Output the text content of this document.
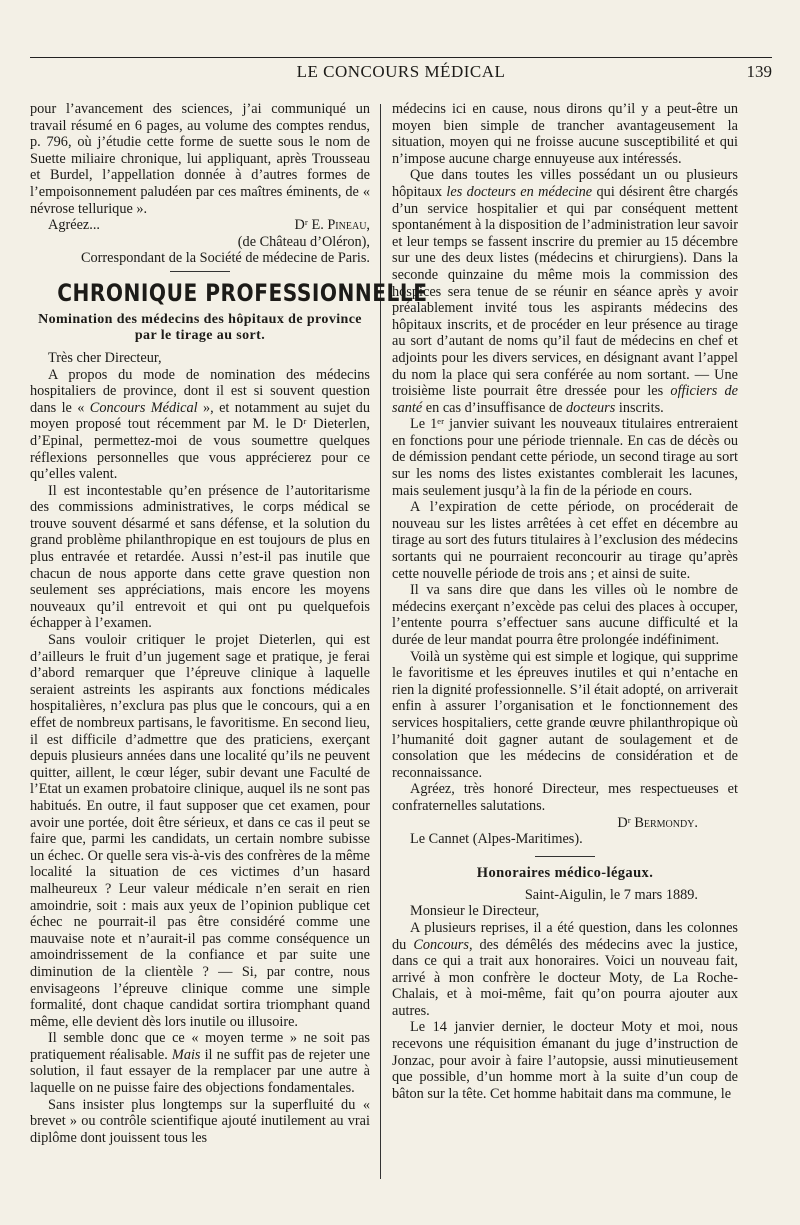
LE CONCOURS MÉDICAL	139

pour l’avancement des sciences, j’ai communiqué un travail résumé en 6 pages, au volume des comptes rendus, p. 796, où j’étudie cette forme de suette sous le nom de Suette miliaire chronique, lui appliquant, après Trousseau et Burdel, l’appellation donnée à d’autres formes de l’empoisonnement paludéen par ces maîtres éminents, de « névrose tellurique ».

Agréez...	Dʳ E. Pineau,
(de Château d’Oléron),
Correspondant de la Société de médecine de Paris.
CHRONIQUE PROFESSIONNELLE
Nomination des médecins des hôpitaux de province par le tirage au sort.

Très cher Directeur,

A propos du mode de nomination des médecins hospitaliers de province, dont il est si souvent question dans le « Concours Médical », et notamment au sujet du moyen proposé tout récemment par M. le Dʳ Dieterlen, d’Epinal, permettez-moi de vous soumettre quelques réflexions personnelles que vous apprécierez pour ce qu’elles valent.

Il est incontestable qu’en présence de l’autoritarisme des commissions administratives, le corps médical se trouve souvent désarmé et sans défense, et la solution du grand problème philanthropique en est toujours de plus en plus entravée et retardée. Aussi n’est-il pas inutile que chacun de nous apporte dans cette grave question non seulement ses appréciations, mais encore les moyens nouveaux qu’il entrevoit et qui ont pu quelquefois échapper à l’examen.

Sans vouloir critiquer le projet Dieterlen, qui est d’ailleurs le fruit d’un jugement sage et pratique, je ferai d’abord remarquer que l’épreuve clinique à laquelle seraient astreints les aspirants aux fonctions médicales hospitalières, n’exclura pas plus que le concours, qui a en effet de nombreux partisans, le favoritisme. En second lieu, il est difficile d’admettre que des praticiens, exerçant depuis plusieurs années dans une localité qu’ils ne peuvent quitter, aillent, le cœur léger, subir devant une Faculté de l’Etat un examen probatoire clinique, auquel ils ne sont pas habitués. En outre, il faut supposer que cet examen, pour avoir une portée, doit être sérieux, et dans ce cas il peut se faire que, parmi les candidats, un certain nombre subisse un échec. Or quelle sera vis-à-vis des confrères de la même localité la situation de ces victimes d’un hasard malheureux ? Leur valeur médicale n’en serait en rien amoindrie, soit : mais aux yeux de l’opinion publique cet échec ne pourrait-il pas être considéré comme une mauvaise note et n’aurait-il pas comme conséquence un amoindrissement de la confiance et par suite une diminution de la clientèle ? — Si, par contre, nous envisageons l’épreuve clinique comme une simple formalité, dont chaque candidat sortira triomphant quand même, elle devient dès lors inutile ou illusoire.

Il semble donc que ce « moyen terme » ne soit pas pratiquement réalisable. Mais il ne suffit pas de rejeter une solution, il faut essayer de la remplacer par une autre à laquelle on ne puisse faire des objections fondamentales.

Sans insister plus longtemps sur la superfluité du « brevet » ou contrôle scientifique ajouté inutilement au vrai diplôme dont jouissent tous les

médecins ici en cause, nous dirons qu’il y a peut-être un moyen bien simple de trancher avantageusement la situation, moyen qui ne froisse aucune susceptibilité et qui n’impose aucune charge ennuyeuse aux intéressés.

Que dans toutes les villes possédant un ou plusieurs hôpitaux les docteurs en médecine qui désirent être chargés d’un service hospitalier et qui par conséquent mettent spontanément à la disposition de l’administration leur savoir et leur temps se fassent inscrire du premier au 15 décembre sur une des deux listes (médecins et chirurgiens). Dans la seconde quinzaine du même mois la commission des hospices sera tenue de se réunir en séance après y avoir préalablement invité tous les aspirants médecins des hôpitaux inscrits, et de procéder en leur présence au tirage au sort d’autant de noms qu’il faut de médecins en chef et adjoints pour les divers services, en désignant avant l’appel du nom la place qui sera conférée au nom sortant. — Une troisième liste pourrait être dressée pour les officiers de santé en cas d’insuffisance de docteurs inscrits.

Le 1ᵉʳ janvier suivant les nouveaux titulaires entreraient en fonctions pour une période triennale. En cas de décès ou de démission pendant cette période, un second tirage au sort sur les noms des listes existantes comblerait les lacunes, mais seulement jusqu’à la fin de la période en cours.

A l’expiration de cette période, on procéderait de nouveau sur les listes arrêtées à cet effet en décembre au tirage au sort des futurs titulaires à l’exclusion des médecins sortants qui ne pourraient reconcourir au tirage qu’après cette nouvelle période de trois ans ; et ainsi de suite.

Il va sans dire que dans les villes où le nombre de médecins exerçant n’excède pas celui des places à occuper, l’entente pourra s’effectuer sans aucune difficulté et la durée de leur mandat pourra être prolongée indéfiniment.

Voilà un système qui est simple et logique, qui supprime le favoritisme et les épreuves inutiles et qui n’entache en rien la dignité professionnelle. S’il était adopté, on arriverait enfin à assurer l’organisation et le fonctionnement des services hospitaliers, cette grande œuvre philanthropique où l’humanité doit gagner autant de soulagement et de consolation que les médecins de considération et de reconnaissance.

Agréez, très honoré Directeur, mes respectueuses et confraternelles salutations.

Dʳ Bermondy.

Le Cannet (Alpes-Maritimes).

Honoraires médico-légaux.
Saint-Aigulin, le 7 mars 1889.

Monsieur le Directeur,

A plusieurs reprises, il a été question, dans les colonnes du Concours, des démêlés des médecins avec la justice, dans ce qui a trait aux honoraires. Voici un nouveau fait, arrivé à mon confrère le docteur Moty, de La Roche-Chalais, et à moi-même, fait qu’on pourra ajouter aux autres.

Le 14 janvier dernier, le docteur Moty et moi, nous recevons une réquisition émanant du juge d’instruction de Jonzac, pour avoir à faire l’autopsie, aussi minutieusement que possible, d’un homme mort à la suite d’un coup de bâton sur la tête. Cet homme habitait dans ma commune, le
